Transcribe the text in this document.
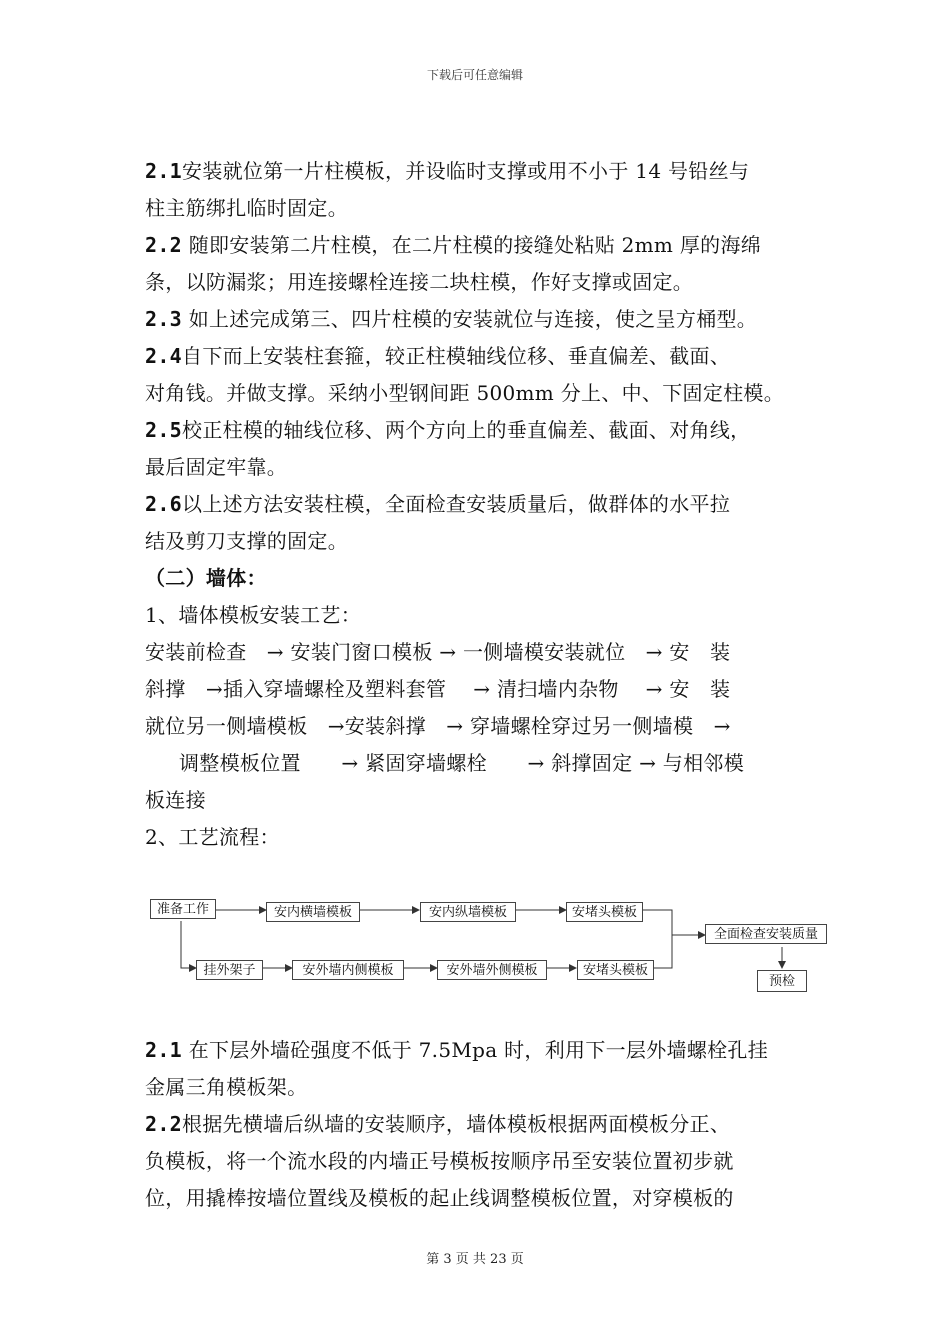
下载后可任意编辑

2.1安装就位第一片柱模板，并设临时支撑或用不小于 14 号铅丝与

柱主筋绑扎临时固定。

2.2 随即安装第二片柱模，在二片柱模的接缝处粘贴 2mm 厚的海绵

条，以防漏浆；用连接螺栓连接二块柱模，作好支撑或固定。

2.3 如上述完成第三、四片柱模的安装就位与连接，使之呈方桶型。

2.4自下而上安装柱套箍，较正柱模轴线位移、垂直偏差、截面、

对角钱。并做支撑。采纳小型钢间距 500mm 分上、中、下固定柱模。

2.5校正柱模的轴线位移、两个方向上的垂直偏差、截面、对角线，

最后固定牢靠。

2.6以上述方法安装柱模，全面检查安装质量后，做群体的水平拉

结及剪刀支撑的固定。

（二）墙体：

1、墙体模板安装工艺：

安装前检查　→ 安装门窗口模板 → 一侧墙模安装就位　→ 安　装

斜撑　→插入穿墙螺栓及塑料套管　 → 清扫墙内杂物　 → 安　装

就位另一侧墙模板　→安装斜撑　→ 穿墙螺栓穿过另一侧墙模　→

调整模板位置　　→ 紧固穿墙螺栓　　→ 斜撑固定 → 与相邻模

板连接

2、工艺流程：

准备工作	安内横墙模板	安内纵墙模板	安堵头模板
挂外架子	安外墙内侧模板	安外墙外侧模板	安堵头模板
全面检查安装质量
预检

2.1 在下层外墙砼强度不低于 7.5Mpa 时，利用下一层外墙螺栓孔挂

金属三角模板架。

2.2根据先横墙后纵墙的安装顺序，墙体模板根据两面模板分正、

负模板，将一个流水段的内墙正号模板按顺序吊至安装位置初步就

位，用撬棒按墙位置线及模板的起止线调整模板位置，对穿模板的

第 3 页 共 23 页
